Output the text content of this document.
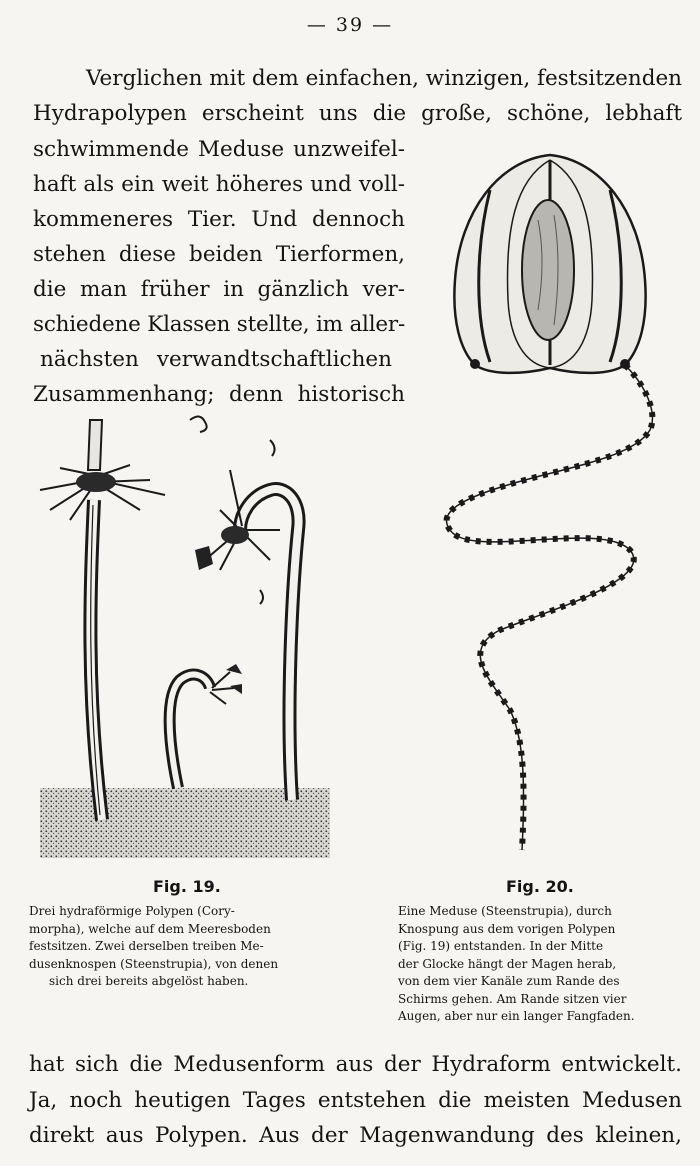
— 39 —
Verglichen mit dem einfachen, winzigen, festsitzenden
Hydrapolypen erscheint uns die große, schöne, lebhaft
schwimmende Meduse unzweifel-
haft als ein weit höheres und voll-
kommeneres Tier. Und dennoch
stehen diese beiden Tierformen,
die man früher in gänzlich ver-
schiedene Klassen stellte, im aller-
nächsten verwandtschaftlichen
Zusammenhang; denn historisch
Fig. 19.	Fig. 20.
Drei hydraförmige Polypen (Cory-
morpha), welche auf dem Meeresboden
festsitzen. Zwei derselben treiben Me-
dusenknospen (Steenstrupia), von denen
sich drei bereits abgelöst haben.
Eine Meduse (Steenstrupia), durch
Knospung aus dem vorigen Polypen
(Fig. 19) entstanden. In der Mitte
der Glocke hängt der Magen herab,
von dem vier Kanäle zum Rande des
Schirms gehen. Am Rande sitzen vier
Augen, aber nur ein langer Fangfaden.
hat sich die Medusenform aus der Hydraform entwickelt.
Ja, noch heutigen Tages entstehen die meisten Medusen
direkt aus Polypen. Aus der Magenwandung des kleinen,
